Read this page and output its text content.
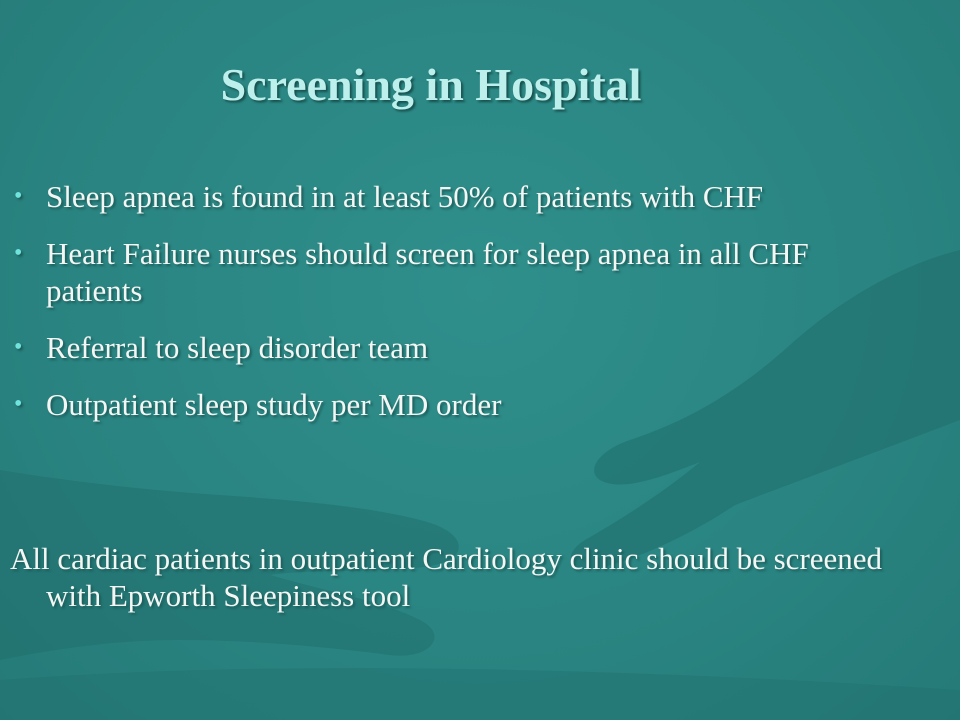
Screening in Hospital
• Sleep apnea is found in at least 50% of patients with CHF
• Heart Failure nurses should screen for sleep apnea in all CHF patients
• Referral to sleep disorder team
• Outpatient sleep study per MD order

All cardiac patients in outpatient Cardiology clinic should be screened with Epworth Sleepiness tool
